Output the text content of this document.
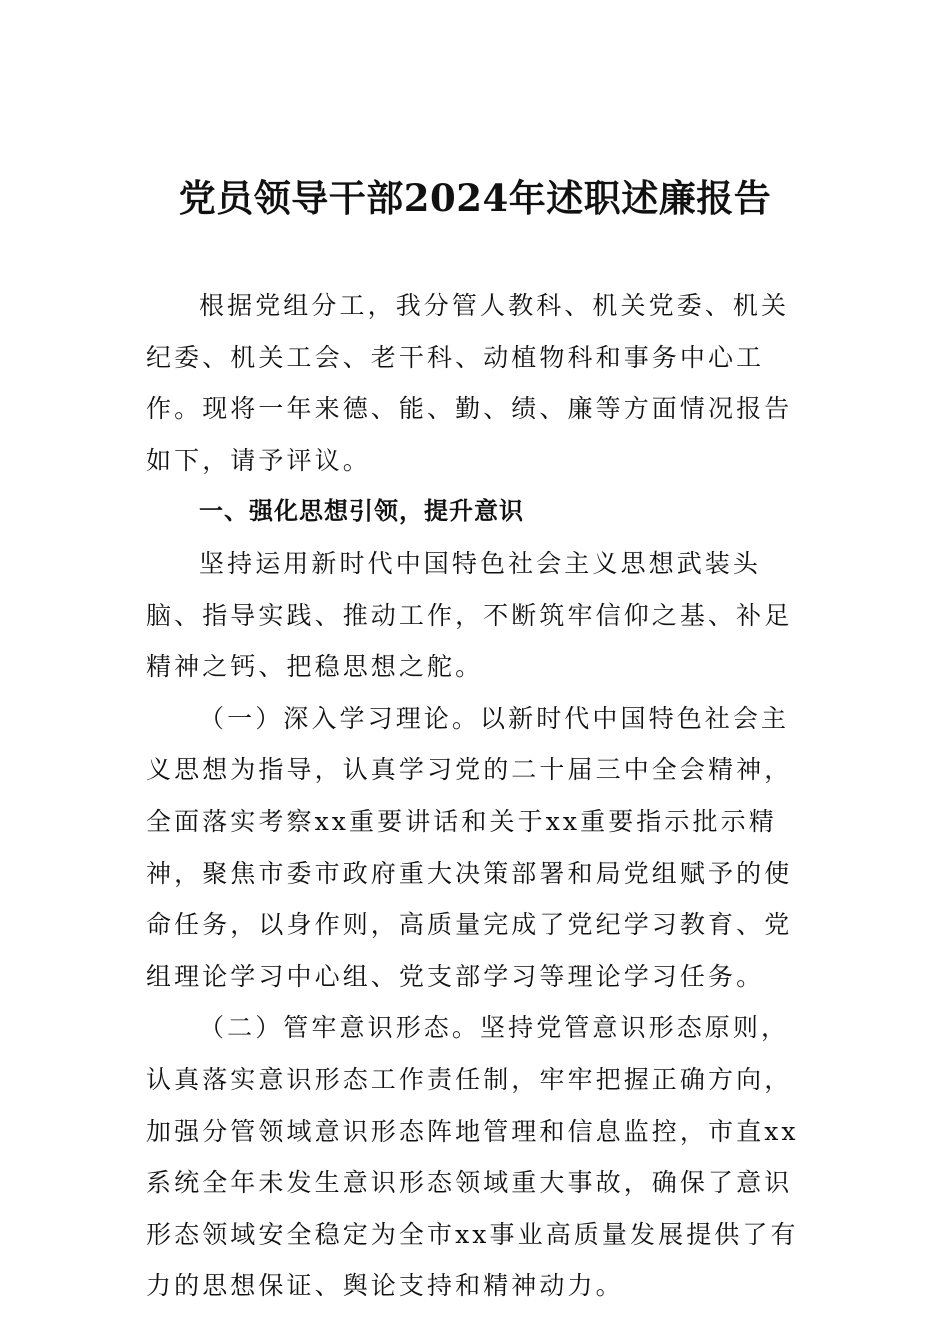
党员领导干部2024年述职述廉报告

根据党组分工，我分管人教科、机关党委、机关纪委、机关工会、老干科、动植物科和事务中心工作。现将一年来德、能、勤、绩、廉等方面情况报告如下，请予评议。

一、强化思想引领，提升意识

坚持运用新时代中国特色社会主义思想武装头脑、指导实践、推动工作，不断筑牢信仰之基、补足精神之钙、把稳思想之舵。

（一）深入学习理论。以新时代中国特色社会主义思想为指导，认真学习党的二十届三中全会精神，全面落实考察xx重要讲话和关于xx重要指示批示精神，聚焦市委市政府重大决策部署和局党组赋予的使命任务，以身作则，高质量完成了党纪学习教育、党组理论学习中心组、党支部学习等理论学习任务。

（二）管牢意识形态。坚持党管意识形态原则，认真落实意识形态工作责任制，牢牢把握正确方向，加强分管领域意识形态阵地管理和信息监控，市直xx系统全年未发生意识形态领域重大事故，确保了意识形态领域安全稳定为全市xx事业高质量发展提供了有力的思想保证、舆论支持和精神动力。
